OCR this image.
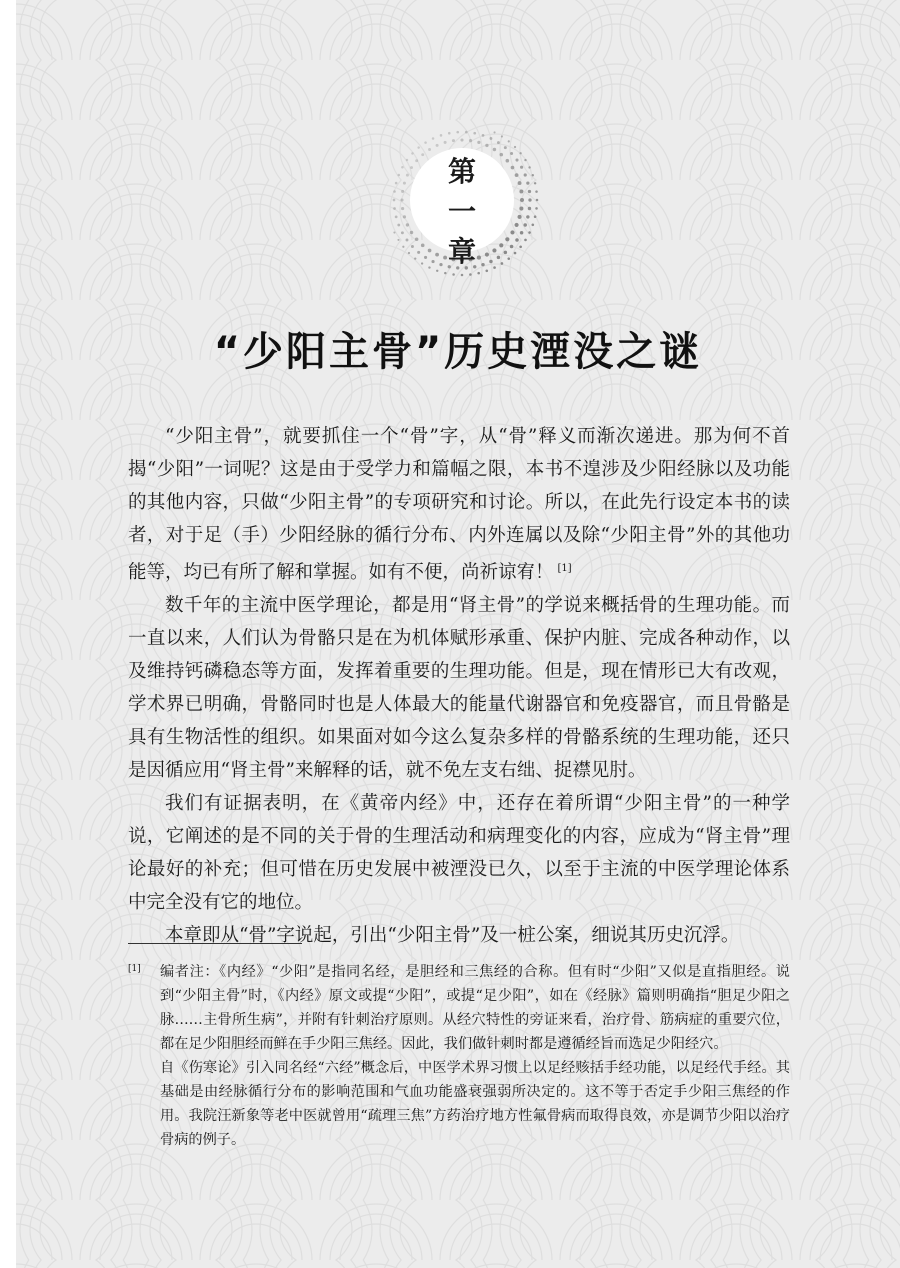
第
一
章
“少阳主骨”历史湮没之谜

“少阳主骨”，就要抓住一个“骨”字，从“骨”释义而渐次递进。那为何不首揭“少阳”一词呢？这是由于受学力和篇幅之限，本书不遑涉及少阳经脉以及功能的其他内容，只做“少阳主骨”的专项研究和讨论。所以，在此先行设定本书的读者，对于足（手）少阳经脉的循行分布、内外连属以及除“少阳主骨”外的其他功能等，均已有所了解和掌握。如有不便，尚祈谅宥！ [1]

数千年的主流中医学理论，都是用“肾主骨”的学说来概括骨的生理功能。而一直以来，人们认为骨骼只是在为机体赋形承重、保护内脏、完成各种动作，以及维持钙磷稳态等方面，发挥着重要的生理功能。但是，现在情形已大有改观，学术界已明确，骨骼同时也是人体最大的能量代谢器官和免疫器官，而且骨骼是具有生物活性的组织。如果面对如今这么复杂多样的骨骼系统的生理功能，还只是因循应用“肾主骨”来解释的话，就不免左支右绌、捉襟见肘。

我们有证据表明，在《黄帝内经》中，还存在着所谓“少阳主骨”的一种学说，它阐述的是不同的关于骨的生理活动和病理变化的内容，应成为“肾主骨”理论最好的补充；但可惜在历史发展中被湮没已久，以至于主流的中医学理论体系中完全没有它的地位。

本章即从“骨”字说起，引出“少阳主骨”及一桩公案，细说其历史沉浮。

[1] 编者注：《内经》“少阳”是指同名经，是胆经和三焦经的合称。但有时“少阳”又似是直指胆经。说到“少阳主骨”时，《内经》原文或提“少阳”，或提“足少阳”，如在《经脉》篇则明确指“胆足少阳之脉……主骨所生病”，并附有针刺治疗原则。从经穴特性的旁证来看，治疗骨、筋病症的重要穴位，都在足少阳胆经而鲜在手少阳三焦经。因此，我们做针刺时都是遵循经旨而选足少阳经穴。

自《伤寒论》引入同名经“六经”概念后，中医学术界习惯上以足经赅括手经功能，以足经代手经。其基础是由经脉循行分布的影响范围和气血功能盛衰强弱所决定的。这不等于否定手少阳三焦经的作用。我院汪新象等老中医就曾用“疏理三焦”方药治疗地方性氟骨病而取得良效，亦是调节少阳以治疗骨病的例子。
